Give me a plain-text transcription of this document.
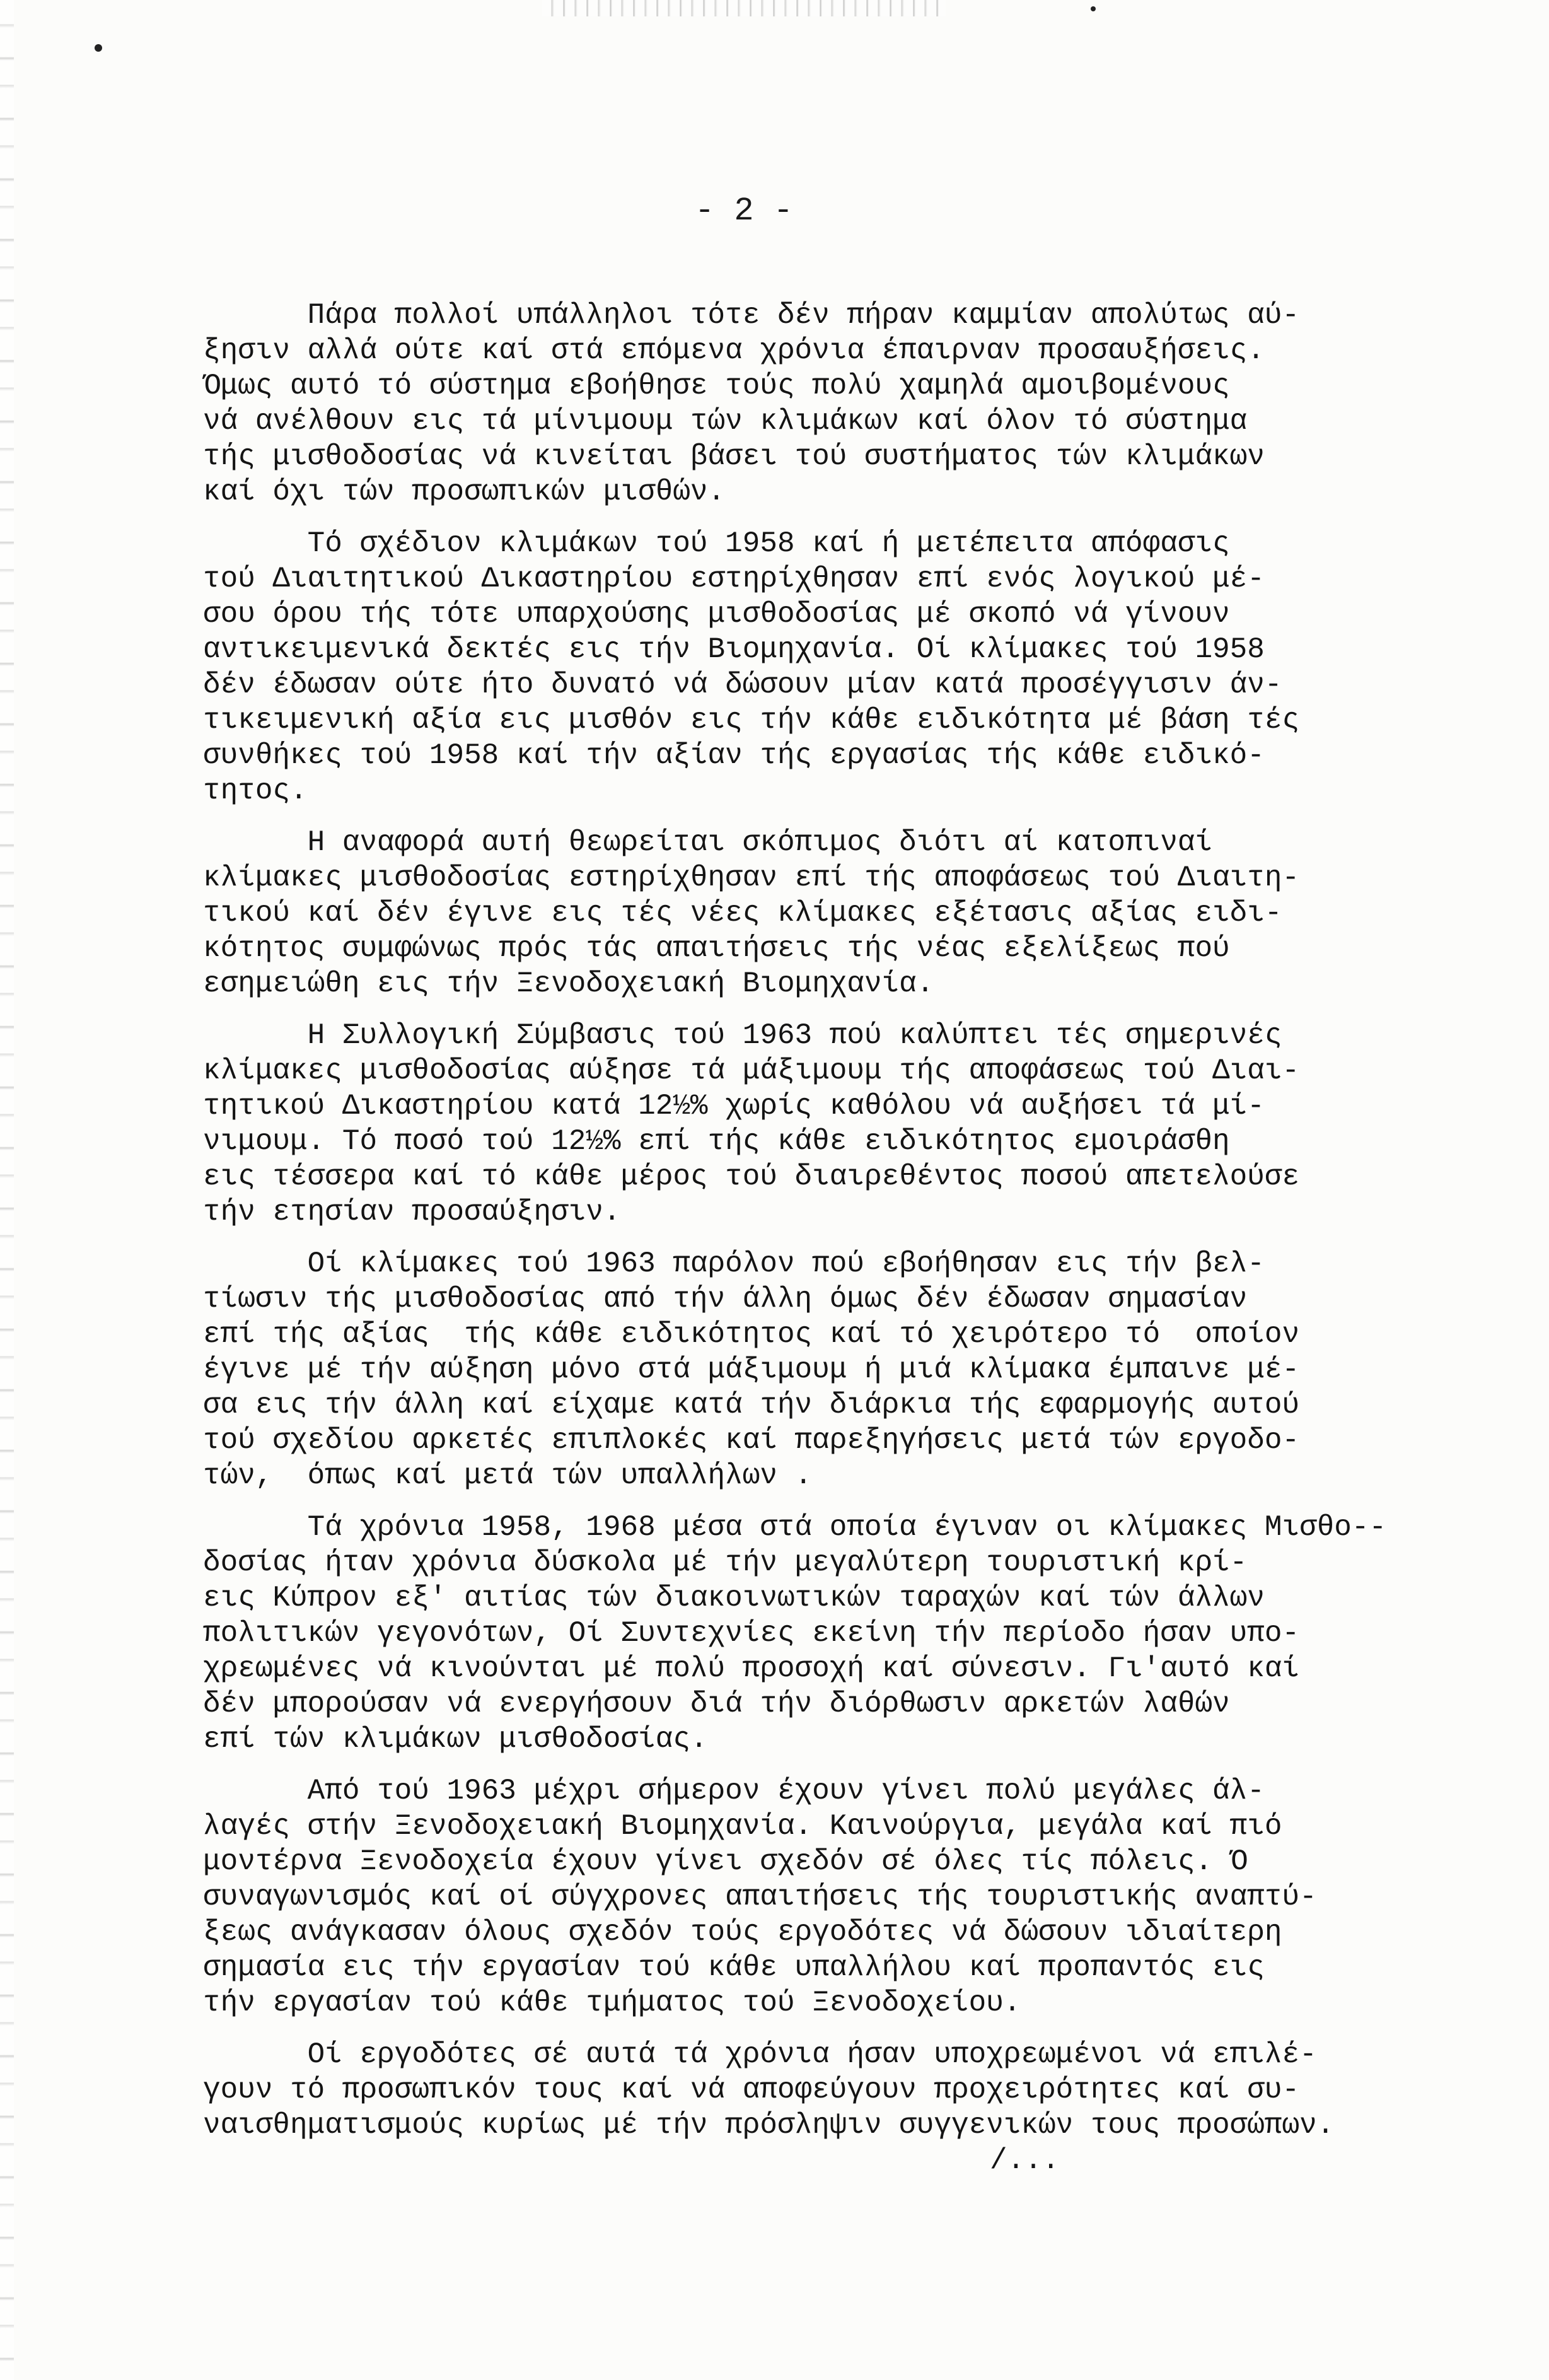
- 2 -
Πάρα πολλοί υπάλληλοι τότε δέν πήραν καμμίαν απολύτως αύ-
ξησιν αλλά ούτε καί στά επόμενα χρόνια έπαιρναν προσαυξήσεις.
Όμως αυτό τό σύστημα εβοήθησε τούς πολύ χαμηλά αμοιβομένους
νά ανέλθουν εις τά μίνιμουμ τών κλιμάκων καί όλον τό σύστημα
τής μισθοδοσίας νά κινείται βάσει τού συστήματος τών κλιμάκων
καί όχι τών προσωπικών μισθών.
Τό σχέδιον κλιμάκων τού 1958 καί ή μετέπειτα απόφασις
τού Διαιτητικού Δικαστηρίου εστηρίχθησαν επί ενός λογικού μέ-
σου όρου τής τότε υπαρχούσης μισθοδοσίας μέ σκοπό νά γίνουν
αντικειμενικά δεκτές εις τήν Βιομηχανία. Οί κλίμακες τού 1958
δέν έδωσαν ούτε ήτο δυνατό νά δώσουν μίαν κατά προσέγγισιν άν-
τικειμενική αξία εις μισθόν εις τήν κάθε ειδικότητα μέ βάση τές
συνθήκες τού 1958 καί τήν αξίαν τής εργασίας τής κάθε ειδικό-
τητος.
Η αναφορά αυτή θεωρείται σκόπιμος διότι αί κατοπιναί
κλίμακες μισθοδοσίας εστηρίχθησαν επί τής αποφάσεως τού Διαιτη-
τικού καί δέν έγινε εις τές νέες κλίμακες εξέτασις αξίας ειδι-
κότητος συμφώνως πρός τάς απαιτήσεις τής νέας εξελίξεως πού
εσημειώθη εις τήν Ξενοδοχειακή Βιομηχανία.
Η Συλλογική Σύμβασις τού 1963 πού καλύπτει τές σημερινές
κλίμακες μισθοδοσίας αύξησε τά μάξιμουμ τής αποφάσεως τού Διαι-
τητικού Δικαστηρίου κατά 12½% χωρίς καθόλου νά αυξήσει τά μί-
νιμουμ. Τό ποσό τού 12½% επί τής κάθε ειδικότητος εμοιράσθη
εις τέσσερα καί τό κάθε μέρος τού διαιρεθέντος ποσού απετελούσε
τήν ετησίαν προσαύξησιν.
Οί κλίμακες τού 1963 παρόλον πού εβοήθησαν εις τήν βελ-
τίωσιν τής μισθοδοσίας από τήν άλλη όμως δέν έδωσαν σημασίαν
επί τής αξίας  τής κάθε ειδικότητος καί τό χειρότερο τό  οποίον
έγινε μέ τήν αύξηση μόνο στά μάξιμουμ ή μιά κλίμακα έμπαινε μέ-
σα εις τήν άλλη καί είχαμε κατά τήν διάρκια τής εφαρμογής αυτού
τού σχεδίου αρκετές επιπλοκές καί παρεξηγήσεις μετά τών εργοδο-
τών,  όπως καί μετά τών υπαλλήλων .
Τά χρόνια 1958, 1968 μέσα στά οποία έγιναν οι κλίμακες Μισθο--
δοσίας ήταν χρόνια δύσκολα μέ τήν μεγαλύτερη τουριστική κρί-
εις Κύπρον εξ' αιτίας τών διακοινωτικών ταραχών καί τών άλλων
πολιτικών γεγονότων, Οί Συντεχνίες εκείνη τήν περίοδο ήσαν υπο-
χρεωμένες νά κινούνται μέ πολύ προσοχή καί σύνεσιν. Γι'αυτό καί
δέν μπορούσαν νά ενεργήσουν διά τήν διόρθωσιν αρκετών λαθών
επί τών κλιμάκων μισθοδοσίας.
Από τού 1963 μέχρι σήμερον έχουν γίνει πολύ μεγάλες άλ-
λαγές στήν Ξενοδοχειακή Βιομηχανία. Καινούργια, μεγάλα καί πιό
μοντέρνα Ξενοδοχεία έχουν γίνει σχεδόν σέ όλες τίς πόλεις. Ό
συναγωνισμός καί οί σύγχρονες απαιτήσεις τής τουριστικής αναπτύ-
ξεως ανάγκασαν όλους σχεδόν τούς εργοδότες νά δώσουν ιδιαίτερη
σημασία εις τήν εργασίαν τού κάθε υπαλλήλου καί προπαντός εις
τήν εργασίαν τού κάθε τμήματος τού Ξενοδοχείου.
Οί εργοδότες σέ αυτά τά χρόνια ήσαν υποχρεωμένοι νά επιλέ-
γουν τό προσωπικόν τους καί νά αποφεύγουν προχειρότητες καί συ-
ναισθηματισμούς κυρίως μέ τήν πρόσληψιν συγγενικών τους προσώπων.
/...
